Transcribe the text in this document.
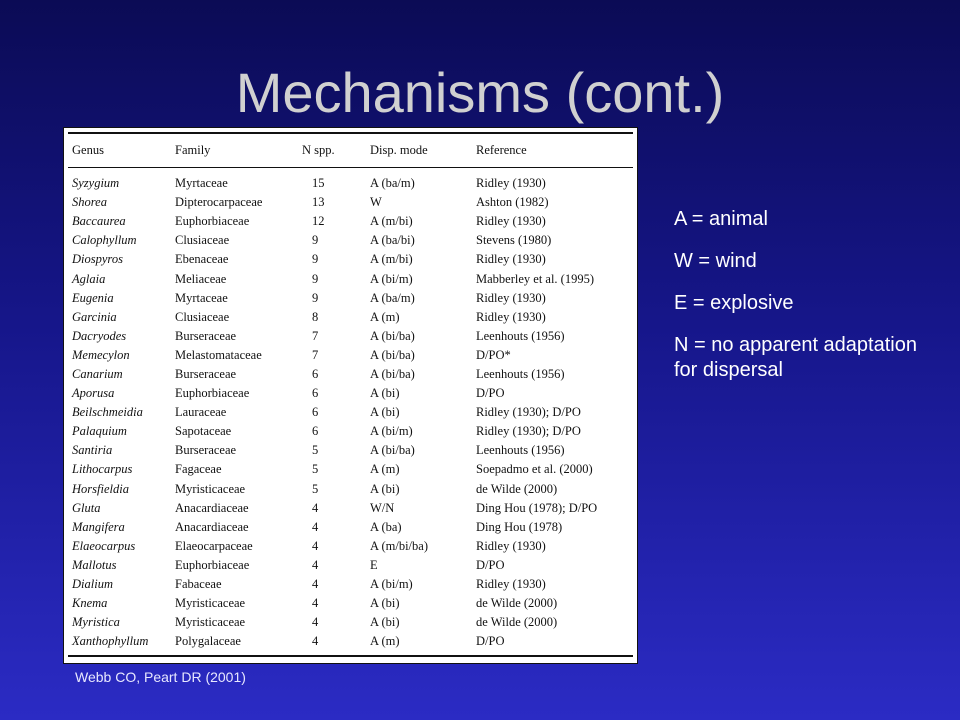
Mechanisms (cont.)
Genus	Family	N spp.	Disp. mode	Reference
Syzygium	Myrtaceae	15	A (ba/m)	Ridley (1930)
Shorea	Dipterocarpaceae	13	W	Ashton (1982)
Baccaurea	Euphorbiaceae	12	A (m/bi)	Ridley (1930)
Calophyllum	Clusiaceae	9	A (ba/bi)	Stevens (1980)
Diospyros	Ebenaceae	9	A (m/bi)	Ridley (1930)
Aglaia	Meliaceae	9	A (bi/m)	Mabberley et al. (1995)
Eugenia	Myrtaceae	9	A (ba/m)	Ridley (1930)
Garcinia	Clusiaceae	8	A (m)	Ridley (1930)
Dacryodes	Burseraceae	7	A (bi/ba)	Leenhouts (1956)
Memecylon	Melastomataceae	7	A (bi/ba)	D/PO*
Canarium	Burseraceae	6	A (bi/ba)	Leenhouts (1956)
Aporusa	Euphorbiaceae	6	A (bi)	D/PO
Beilschmeidia	Lauraceae	6	A (bi)	Ridley (1930); D/PO
Palaquium	Sapotaceae	6	A (bi/m)	Ridley (1930); D/PO
Santiria	Burseraceae	5	A (bi/ba)	Leenhouts (1956)
Lithocarpus	Fagaceae	5	A (m)	Soepadmo et al. (2000)
Horsfieldia	Myristicaceae	5	A (bi)	de Wilde (2000)
Gluta	Anacardiaceae	4	W/N	Ding Hou (1978); D/PO
Mangifera	Anacardiaceae	4	A (ba)	Ding Hou (1978)
Elaeocarpus	Elaeocarpaceae	4	A (m/bi/ba)	Ridley (1930)
Mallotus	Euphorbiaceae	4	E	D/PO
Dialium	Fabaceae	4	A (bi/m)	Ridley (1930)
Knema	Myristicaceae	4	A (bi)	de Wilde (2000)
Myristica	Myristicaceae	4	A (bi)	de Wilde (2000)
Xanthophyllum	Polygalaceae	4	A (m)	D/PO
A = animal
W = wind
E = explosive
N = no apparent adaptation for dispersal
Webb CO, Peart DR (2001)
